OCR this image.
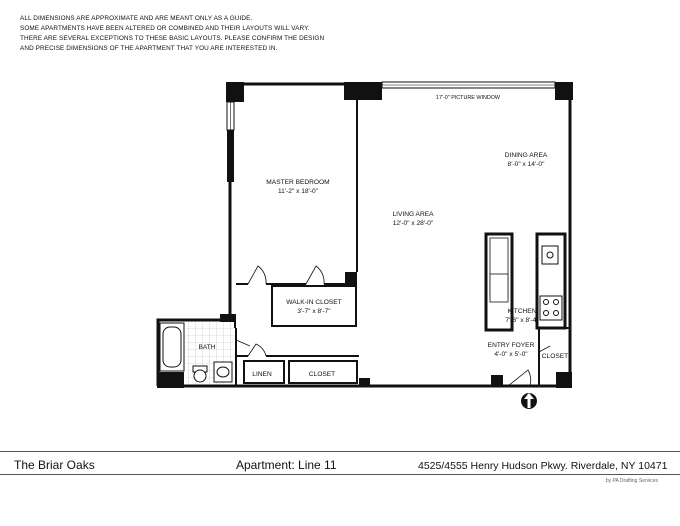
ALL DIMENSIONS ARE APPROXIMATE AND ARE MEANT ONLY AS A GUIDE.
SOME APARTMENTS HAVE BEEN ALTERED OR COMBINED AND THEIR LAYOUTS WILL VARY.
THERE ARE SEVERAL EXCEPTIONS TO THESE BASIC LAYOUTS. PLEASE CONFIRM THE DESIGN
AND PRECISE DIMENSIONS OF THE APARTMENT THAT YOU ARE INTERESTED IN.
17'-0" PICTURE WINDOW
DINING AREA
8'-0" x 14'-0"
MASTER BEDROOM
11'-2" x 18'-0"
LIVING AREA
12'-0" x 28'-0"
WALK-IN CLOSET
3'-7" x 8'-7"	KITCHEN
7'-6" x 8'-4"
ENTRY FOYER
4'-0" x 5'-0" CLOSET
BATH
LINEN	CLOSET
The Briar Oaks	Apartment: Line 11	4525/4555 Henry Hudson Pkwy. Riverdale, NY 10471
by PA Drafting Services
